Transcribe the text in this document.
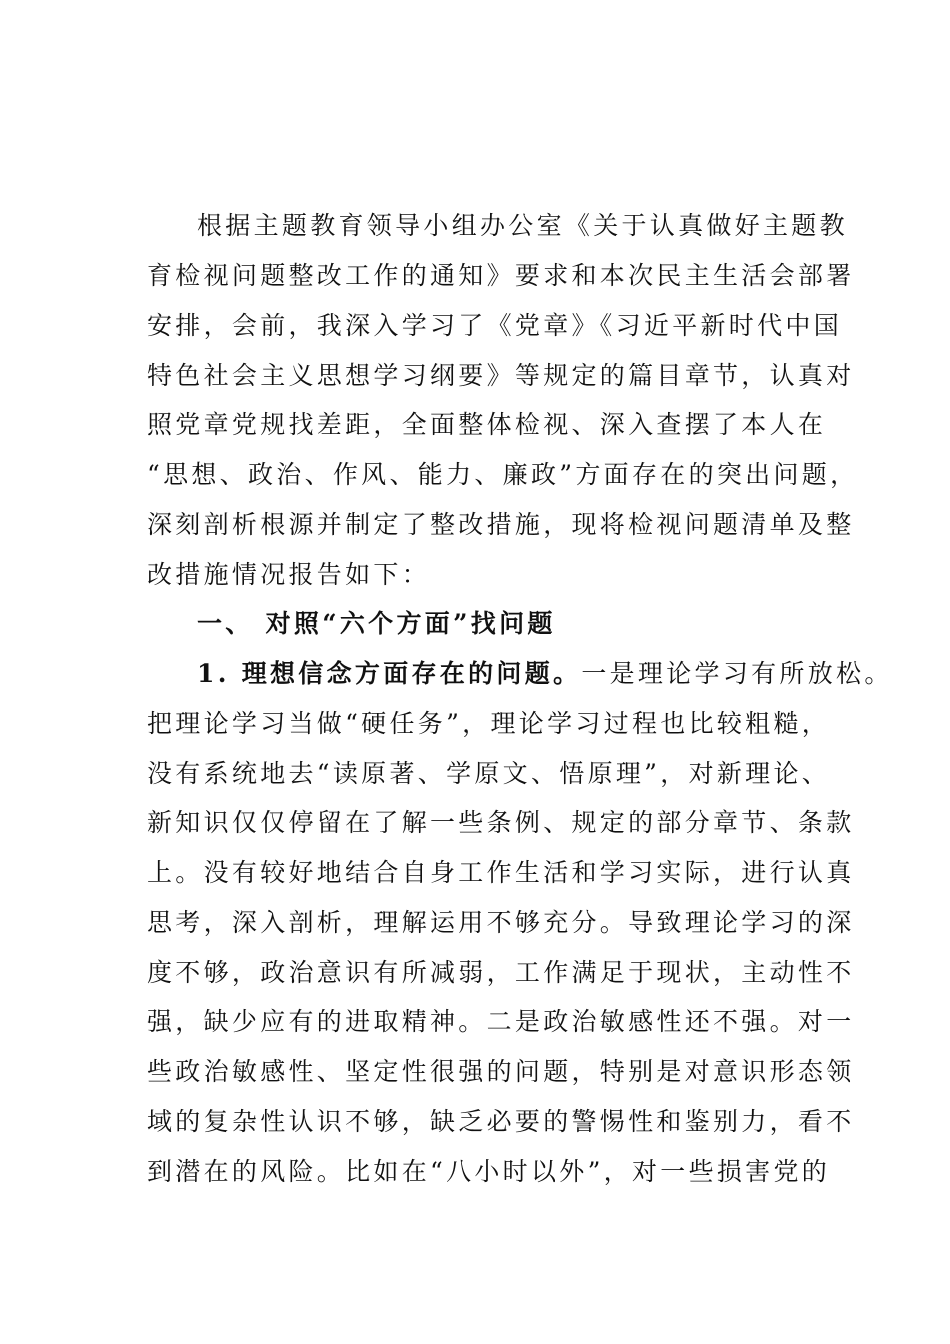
根据主题教育领导小组办公室《关于认真做好主题教

育检视问题整改工作的通知》要求和本次民主生活会部署

安排，会前，我深入学习了《党章》《习近平新时代中国

特色社会主义思想学习纲要》等规定的篇目章节，认真对

照党章党规找差距，全面整体检视、深入查摆了本人在

“思想、政治、作风、能力、廉政”方面存在的突出问题，

深刻剖析根源并制定了整改措施，现将检视问题清单及整

改措施情况报告如下：

一、 对照“六个方面”找问题

1. 理想信念方面存在的问题。一是理论学习有所放松。

把理论学习当做“硬任务”，理论学习过程也比较粗糙，

没有系统地去“读原著、学原文、悟原理”，对新理论、

新知识仅仅停留在了解一些条例、规定的部分章节、条款

上。没有较好地结合自身工作生活和学习实际，进行认真

思考，深入剖析，理解运用不够充分。导致理论学习的深

度不够，政治意识有所减弱，工作满足于现状，主动性不

强，缺少应有的进取精神。二是政治敏感性还不强。对一

些政治敏感性、坚定性很强的问题，特别是对意识形态领

域的复杂性认识不够，缺乏必要的警惕性和鉴别力，看不

到潜在的风险。比如在“八小时以外”，对一些损害党的
